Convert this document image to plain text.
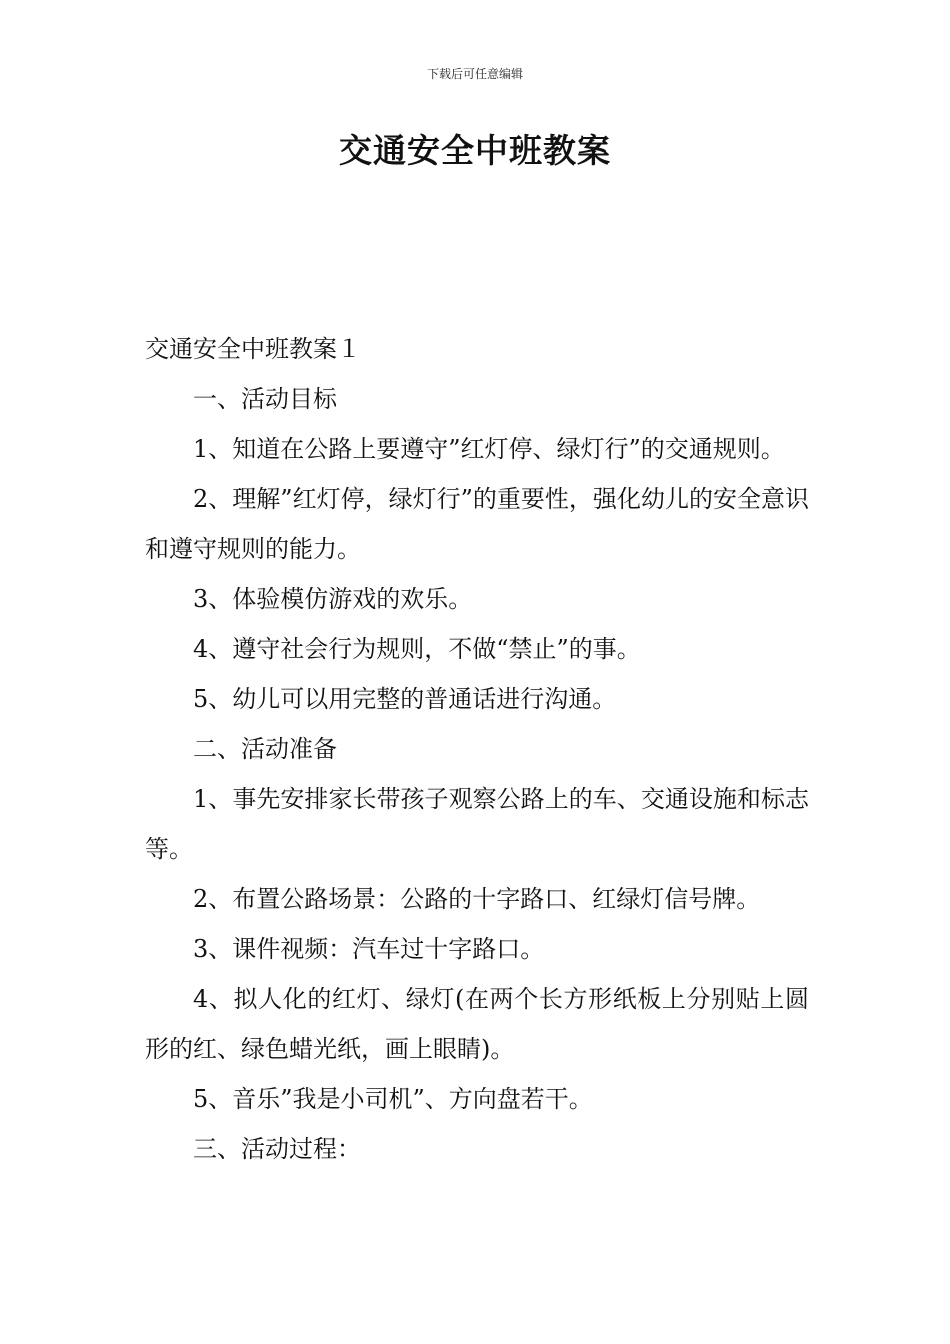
下载后可任意编辑
交通安全中班教案

交通安全中班教案１

一、活动目标

1、知道在公路上要遵守”红灯停、绿灯行”的交通规则。

2、理解”红灯停，绿灯行”的重要性，强化幼儿的安全意识和遵守规则的能力。

3、体验模仿游戏的欢乐。

4、遵守社会行为规则，不做“禁止”的事。

5、幼儿可以用完整的普通话进行沟通。

二、活动准备

1、事先安排家长带孩子观察公路上的车、交通设施和标志等。

2、布置公路场景：公路的十字路口、红绿灯信号牌。

3、课件视频：汽车过十字路口。

4、拟人化的红灯、绿灯(在两个长方形纸板上分别贴上圆形的红、绿色蜡光纸，画上眼睛)。

5、音乐”我是小司机”、方向盘若干。

三、活动过程：
